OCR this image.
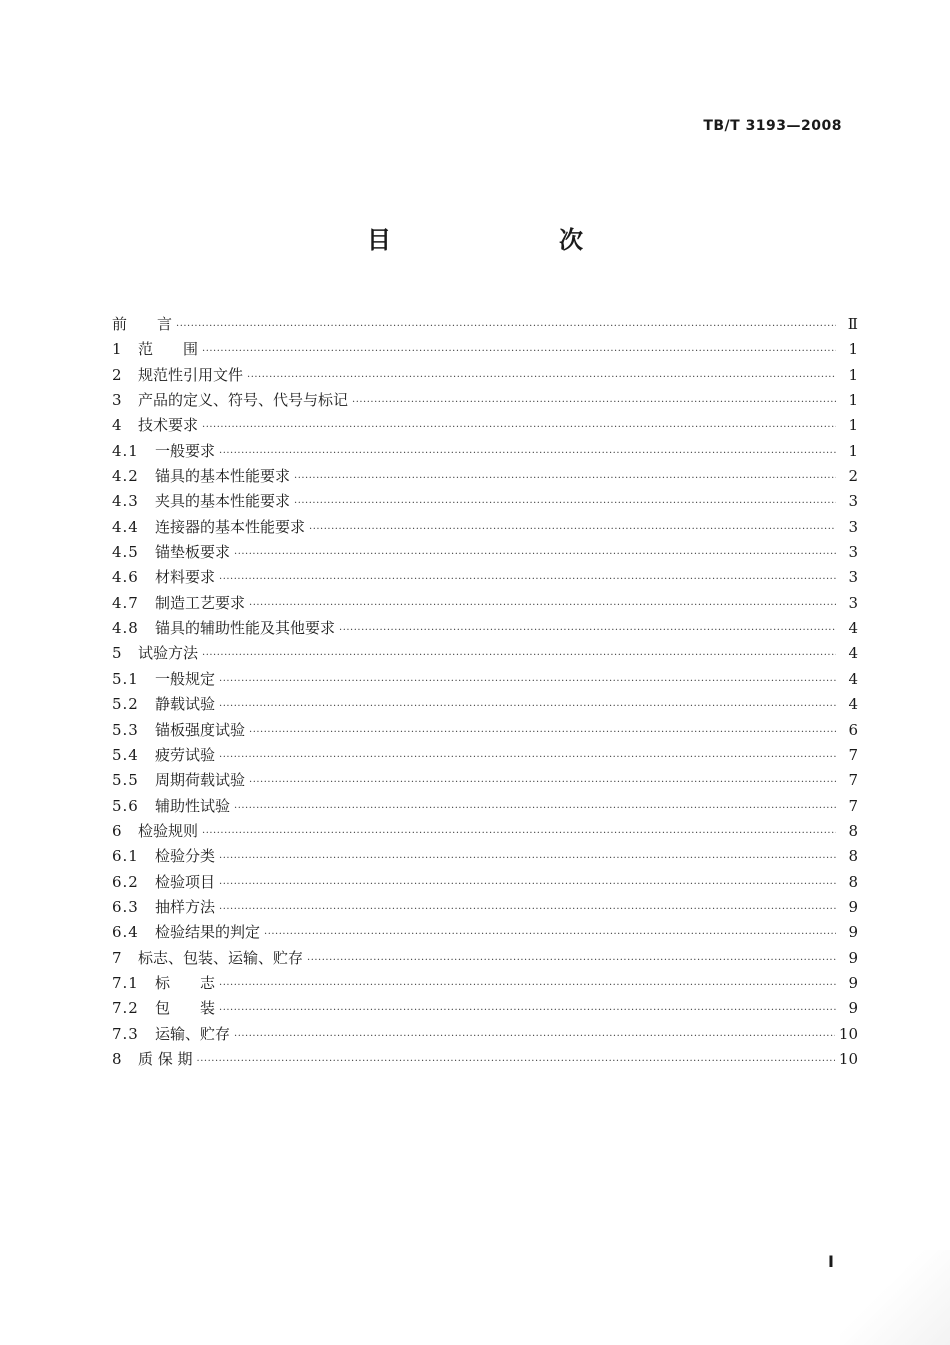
TB/T 3193—2008
目　　次
前　　言 ·····	Ⅱ
1	范　　围 ·····	1
2	规范性引用文件 ·····	1
3	产品的定义、符号、代号与标记 ·····	1
4	技术要求 ·····	1
4.1	一般要求 ·····	1
4.2	锚具的基本性能要求 ·····	2
4.3	夹具的基本性能要求 ·····	3
4.4	连接器的基本性能要求 ·····	3
4.5	锚垫板要求 ·····	3
4.6	材料要求 ·····	3
4.7	制造工艺要求 ·····	3
4.8	锚具的辅助性能及其他要求 ·····	4
5	试验方法 ·····	4
5.1	一般规定 ·····	4
5.2	静载试验 ·····	4
5.3	锚板强度试验 ·····	6
5.4	疲劳试验 ·····	7
5.5	周期荷载试验 ·····	7
5.6	辅助性试验 ·····	7
6	检验规则 ·····	8
6.1	检验分类 ·····	8
6.2	检验项目 ·····	8
6.3	抽样方法 ·····	9
6.4	检验结果的判定 ·····	9
7	标志、包装、运输、贮存 ·····	9
7.1	标　　志 ·····	9
7.2	包　　装 ·····	9
7.3	运输、贮存 ·····	10
8	质 保 期 ·····	10
Ⅰ
